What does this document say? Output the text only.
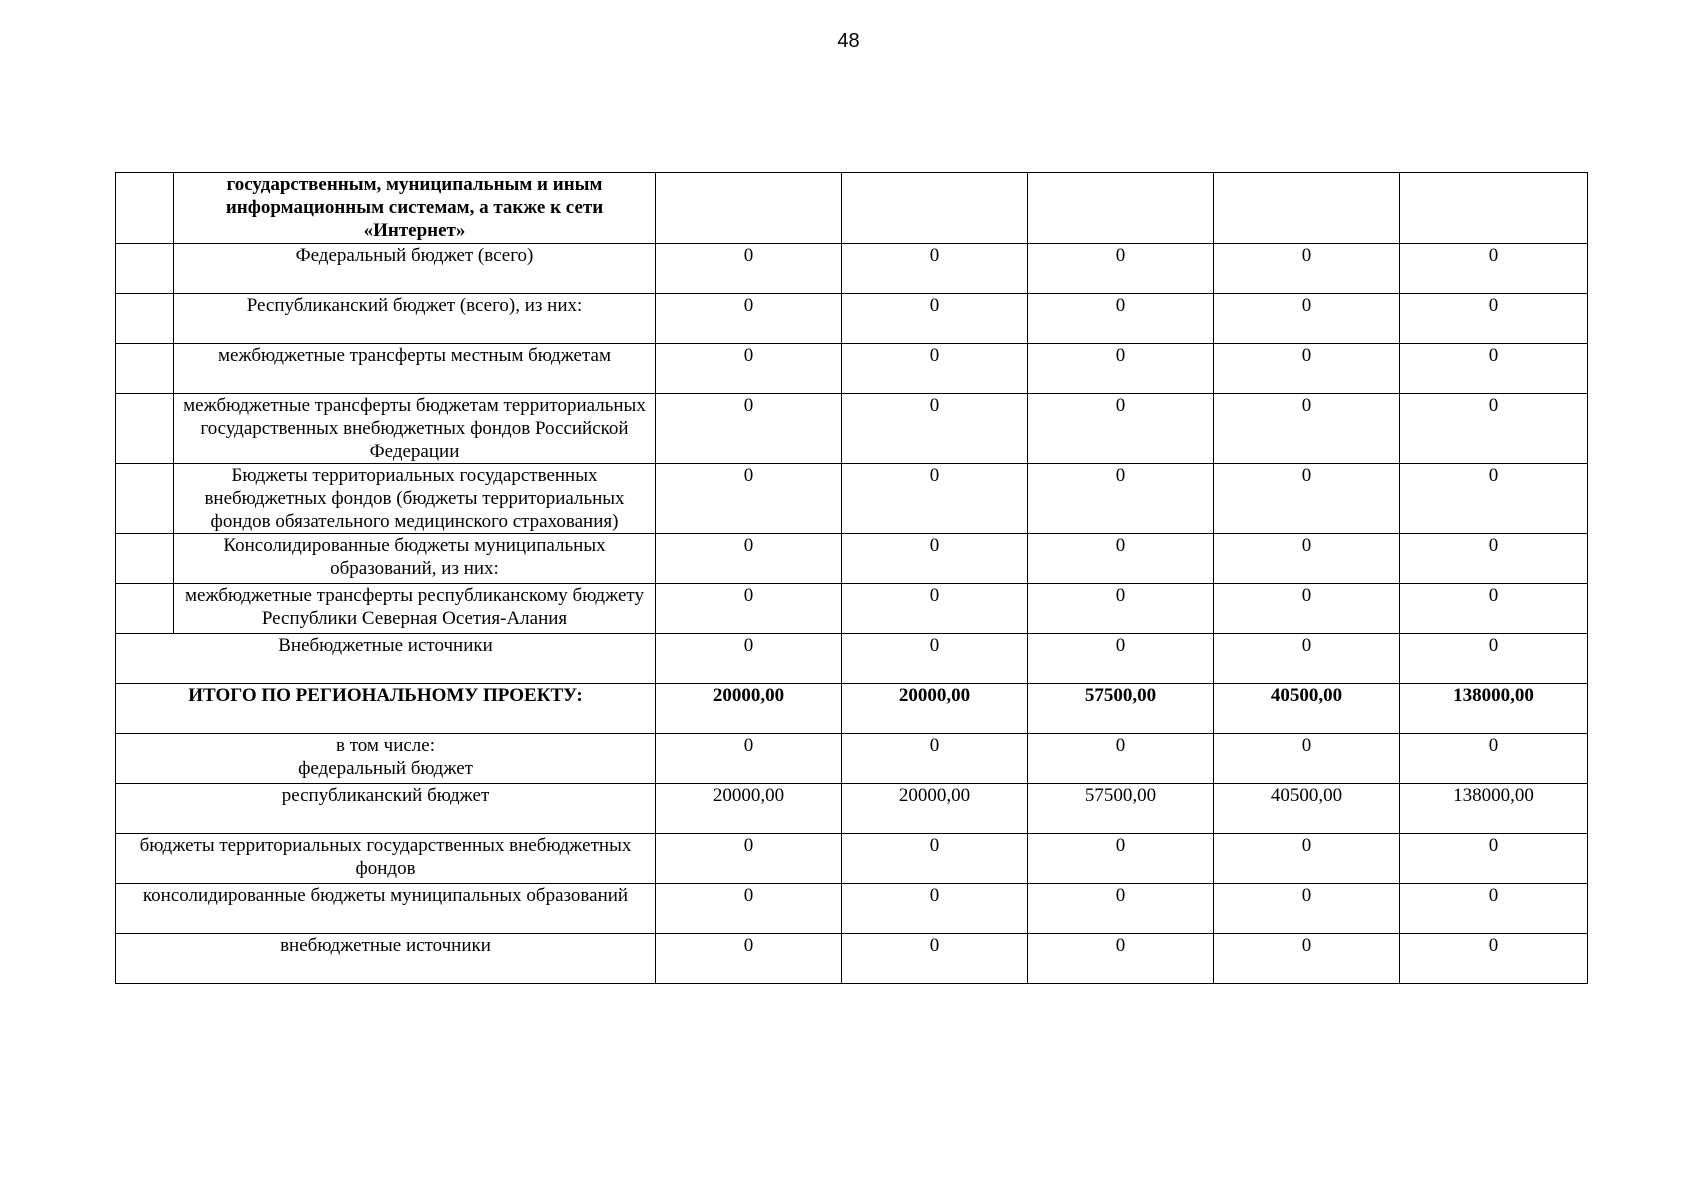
48
	государственным, муниципальным и иным информационным системам, а также к сети «Интернет»					
	Федеральный бюджет (всего)	0	0	0	0	0
	Республиканский бюджет (всего), из них:	0	0	0	0	0
	межбюджетные трансферты местным бюджетам	0	0	0	0	0
	межбюджетные трансферты бюджетам территориальных государственных внебюджетных фондов Российской Федерации	0	0	0	0	0
	Бюджеты территориальных государственных внебюджетных фондов (бюджеты территориальных фондов обязательного медицинского страхования)	0	0	0	0	0
	Консолидированные бюджеты муниципальных образований, из них:	0	0	0	0	0
	межбюджетные трансферты республиканскому бюджету Республики Северная Осетия-Алания	0	0	0	0	0
Внебюджетные источники		0	0	0	0	0
ИТОГО ПО РЕГИОНАЛЬНОМУ ПРОЕКТУ:		20000,00	20000,00	57500,00	40500,00	138000,00

в том числе:
федеральный бюджет		0	0	0	0	0
республиканский бюджет		20000,00	20000,00	57500,00	40500,00	138000,00
бюджеты территориальных государственных внебюджетных фондов		0	0	0	0	0
консолидированные бюджеты муниципальных образований		0	0	0	0	0
внебюджетные источники		0	0	0	0	0
